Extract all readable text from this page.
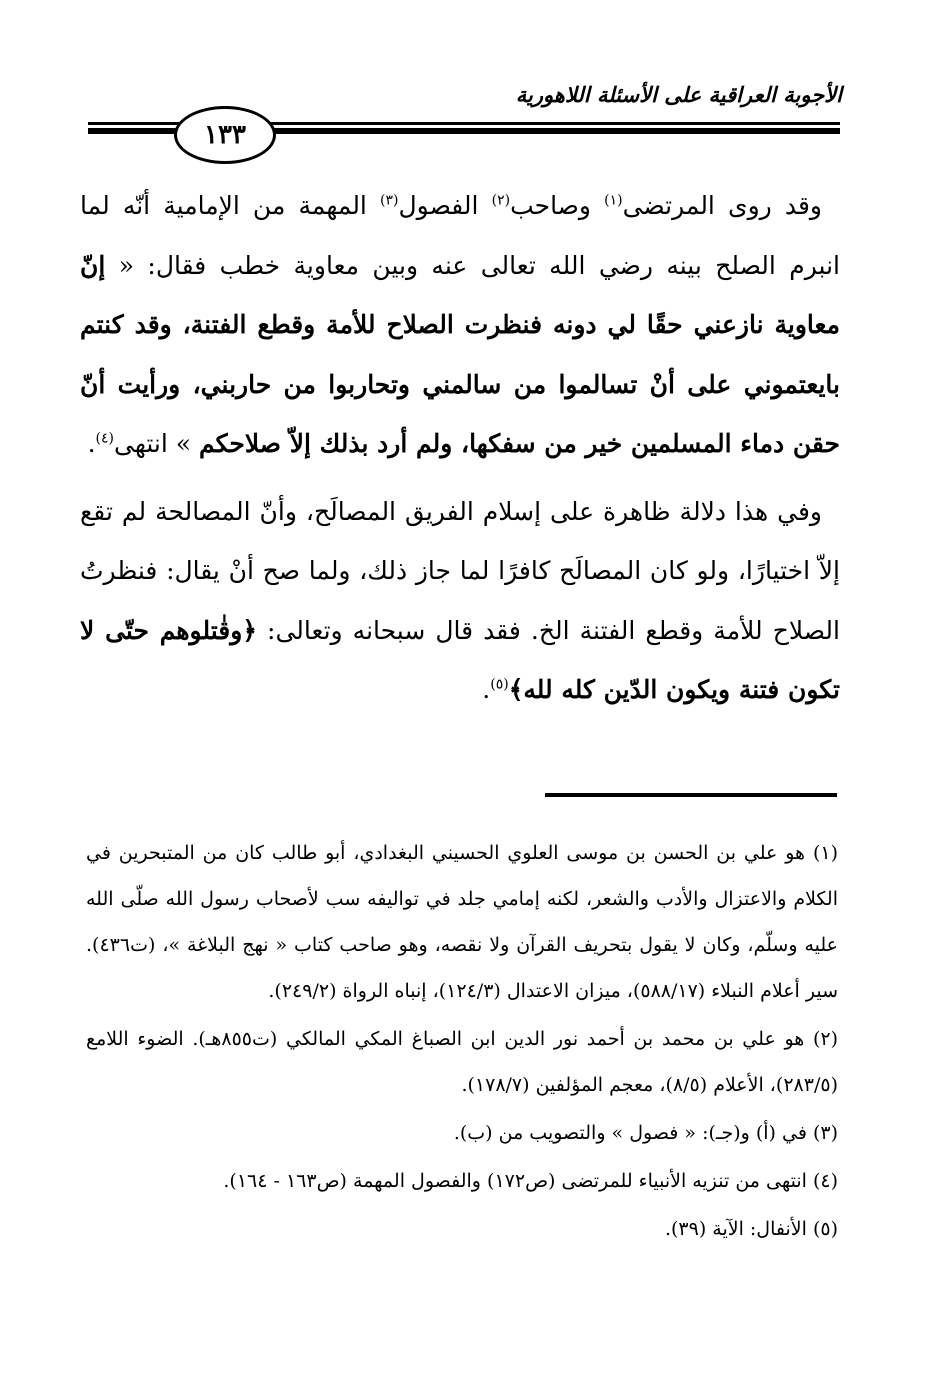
الأجوبة العراقية على الأسئلة اللاهورية
١٣٣

وقد روى المرتضى$^{(١)}$ وصاحب$^{(٢)}$ الفصول$^{(٣)}$ المهمة من الإمامية أنّه لما انبرم الصلح بينه رضي الله تعالى عنه وبين معاوية خطب فقال: « إنّ معاوية نازعني حقًا لي دونه فنظرت الصلاح للأمة وقطع الفتنة، وقد كنتم بايعتموني على أنْ تسالموا من سالمني وتحاربوا من حاربني، ورأيت أنّ حقن دماء المسلمين خير من سفكها، ولم أرد بذلك إلاّ صلاحكم » انتهى$^{(٤)}$.

وفي هذا دلالة ظاهرة على إسلام الفريق المصالَح، وأنّ المصالحة لم تقع إلاّ اختيارًا، ولو كان المصالَح كافرًا لما جاز ذلك، ولما صح أنْ يقال: فنظرتُ الصلاح للأمة وقطع الفتنة الخ. فقد قال سبحانه وتعالى: ﴿وقٰتلوهم حتّى لا تكون فتنة ويكون الدّين كله لله﴾$^{(٥)}$.

(١) هو علي بن الحسن بن موسى العلوي الحسيني البغدادي، أبو طالب كان من المتبحرين في الكلام والاعتزال والأدب والشعر، لكنه إمامي جلد في تواليفه سب لأصحاب رسول الله صلّى الله عليه وسلّم، وكان لا يقول بتحريف القرآن ولا نقصه، وهو صاحب كتاب « نهج البلاغة »، (ت٤٣٦). سير أعلام النبلاء (٥٨٨/١٧)، ميزان الاعتدال (١٢٤/٣)، إنباه الرواة (٢٤٩/٢).

(٢) هو علي بن محمد بن أحمد نور الدين ابن الصباغ المكي المالكي (ت٨٥٥هـ). الضوء اللامع (٢٨٣/٥)، الأعلام (٨/٥)، معجم المؤلفين (١٧٨/٧).

(٣) في (أ) و(جـ): « فصول » والتصويب من (ب).

(٤) انتهى من تنزيه الأنبياء للمرتضى (ص١٧٢) والفصول المهمة (ص١٦٣ - ١٦٤).

(٥) الأنفال: الآية (٣٩).
